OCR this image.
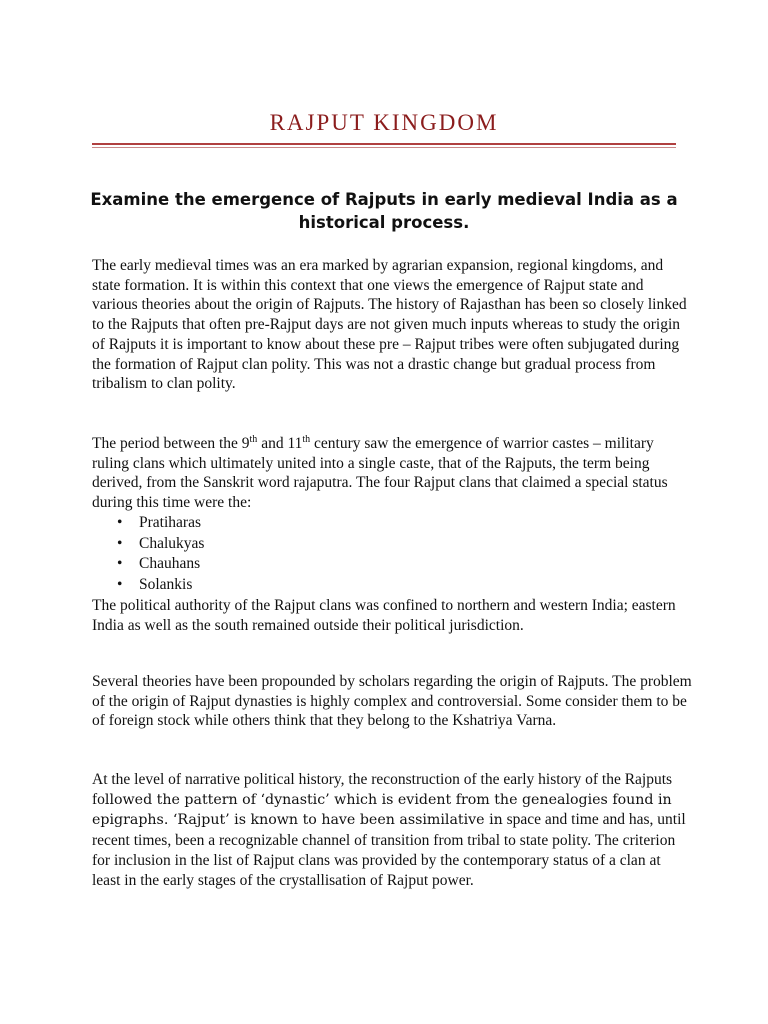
RAJPUT KINGDOM
Examine the emergence of Rajputs in early medieval India as a historical process.

The early medieval times was an era marked by agrarian expansion, regional kingdoms, and state formation. It is within this context that one views the emergence of Rajput state and various theories about the origin of Rajputs. The history of Rajasthan has been so closely linked to the Rajputs that often pre-Rajput days are not given much inputs whereas to study the origin of Rajputs it is important to know about these pre – Rajput tribes were often subjugated during the formation of Rajput clan polity. This was not a drastic change but gradual process from tribalism to clan polity.

The period between the 9th and 11th century saw the emergence of warrior castes – military ruling clans which ultimately united into a single caste, that of the Rajputs, the term being derived, from the Sanskrit word rajaputra. The four Rajput clans that claimed a special status during this time were the:

• Pratiharas
• Chalukyas
• Chauhans
• Solankis

The political authority of the Rajput clans was confined to northern and western India; eastern India as well as the south remained outside their political jurisdiction.

Several theories have been propounded by scholars regarding the origin of Rajputs. The problem of the origin of Rajput dynasties is highly complex and controversial. Some consider them to be of foreign stock while others think that they belong to the Kshatriya Varna.

At the level of narrative political history, the reconstruction of the early history of the Rajputs followed the pattern of ‘dynastic’ which is evident from the genealogies found in epigraphs. ‘Rajput’ is known to have been assimilative in space and time and has, until recent times, been a recognizable channel of transition from tribal to state polity. The criterion for inclusion in the list of Rajput clans was provided by the contemporary status of a clan at least in the early stages of the crystallisation of Rajput power.
